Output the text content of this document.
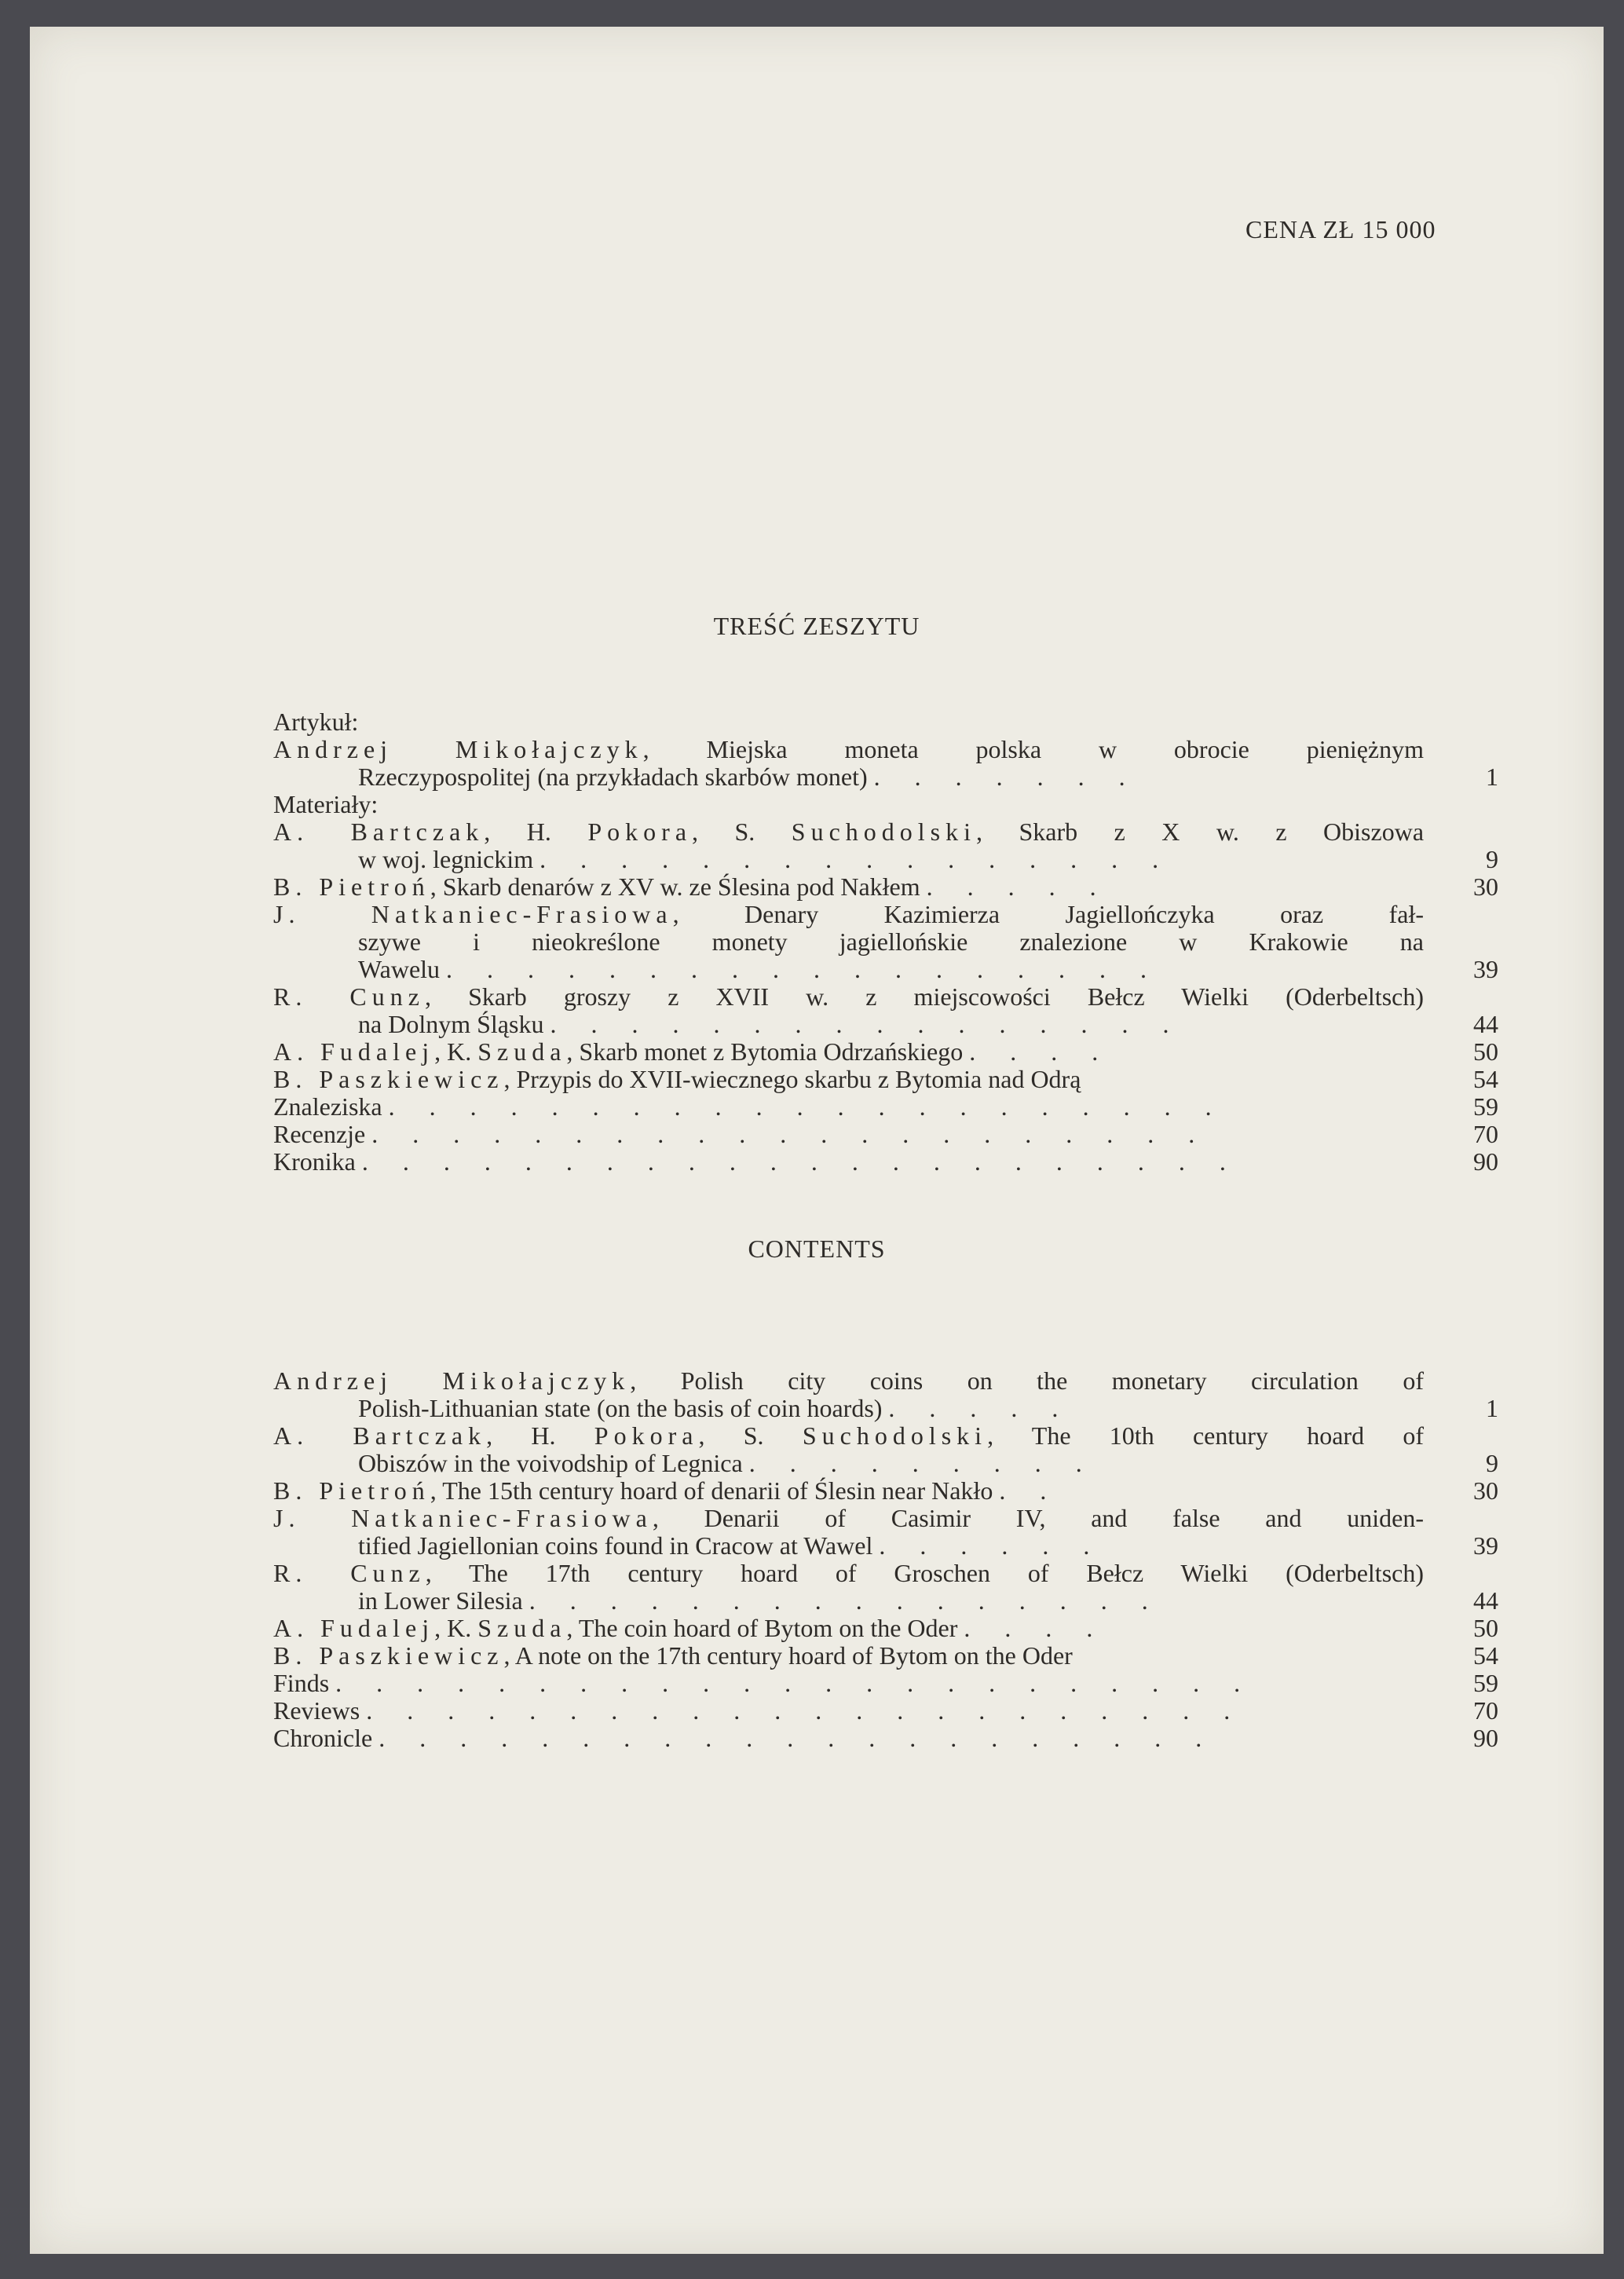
CENA ZŁ 15 000
TREŚĆ ZESZYTU
Artykuł:
Andrzej Mikołajczyk, Miejska moneta polska w obrocie pieniężnym
Rzeczypospolitej (na przykładach skarbów monet) . . . . . . .	1
Materiały:
A. Bartczak, H. Pokora, S. Suchodolski, Skarb z X w. z Obiszowa
w woj. legnickim . . . . . . . . . . . . . . . .	9
B. Pietroń, Skarb denarów z XV w. ze Ślesina pod Nakłem . . . . .	30
J. Natkaniec-Frasiowa, Denary Kazimierza Jagiellończyka oraz fał-
szywe i nieokreślone monety jagiellońskie znalezione w Krakowie na
Wawelu . . . . . . . . . . . . . . . . . .	39
R. Cunz, Skarb groszy z XVII w. z miejscowości Bełcz Wielki (Oderbeltsch)
na Dolnym Śląsku . . . . . . . . . . . . . . . .	44
A. Fudalej, K. Szuda, Skarb monet z Bytomia Odrzańskiego . . . .	50
B. Paszkiewicz, Przypis do XVII-wiecznego skarbu z Bytomia nad Odrą	54
Znaleziska . . . . . . . . . . . . . . . . . . . . .	59
Recenzje . . . . . . . . . . . . . . . . . . . . .	70
Kronika . . . . . . . . . . . . . . . . . . . . . .	90
CONTENTS
Andrzej Mikołajczyk, Polish city coins on the monetary circulation of
Polish-Lithuanian state (on the basis of coin hoards) . . . . .	1
A. Bartczak, H. Pokora, S. Suchodolski, The 10th century hoard of
Obiszów in the voivodship of Legnica . . . . . . . . .	9
B. Pietroń, The 15th century hoard of denarii of Ślesin near Nakło . .	30
J. Natkaniec-Frasiowa, Denarii of Casimir IV, and false and uniden-
tified Jagiellonian coins found in Cracow at Wawel . . . . . .	39
R. Cunz, The 17th century hoard of Groschen of Bełcz Wielki (Oderbeltsch)
in Lower Silesia . . . . . . . . . . . . . . . .	44
A. Fudalej, K. Szuda, The coin hoard of Bytom on the Oder . . . .	50
B. Paszkiewicz, A note on the 17th century hoard of Bytom on the Oder	54
Finds . . . . . . . . . . . . . . . . . . . . . . .	59
Reviews . . . . . . . . . . . . . . . . . . . . . .	70
Chronicle . . . . . . . . . . . . . . . . . . . . .	90
